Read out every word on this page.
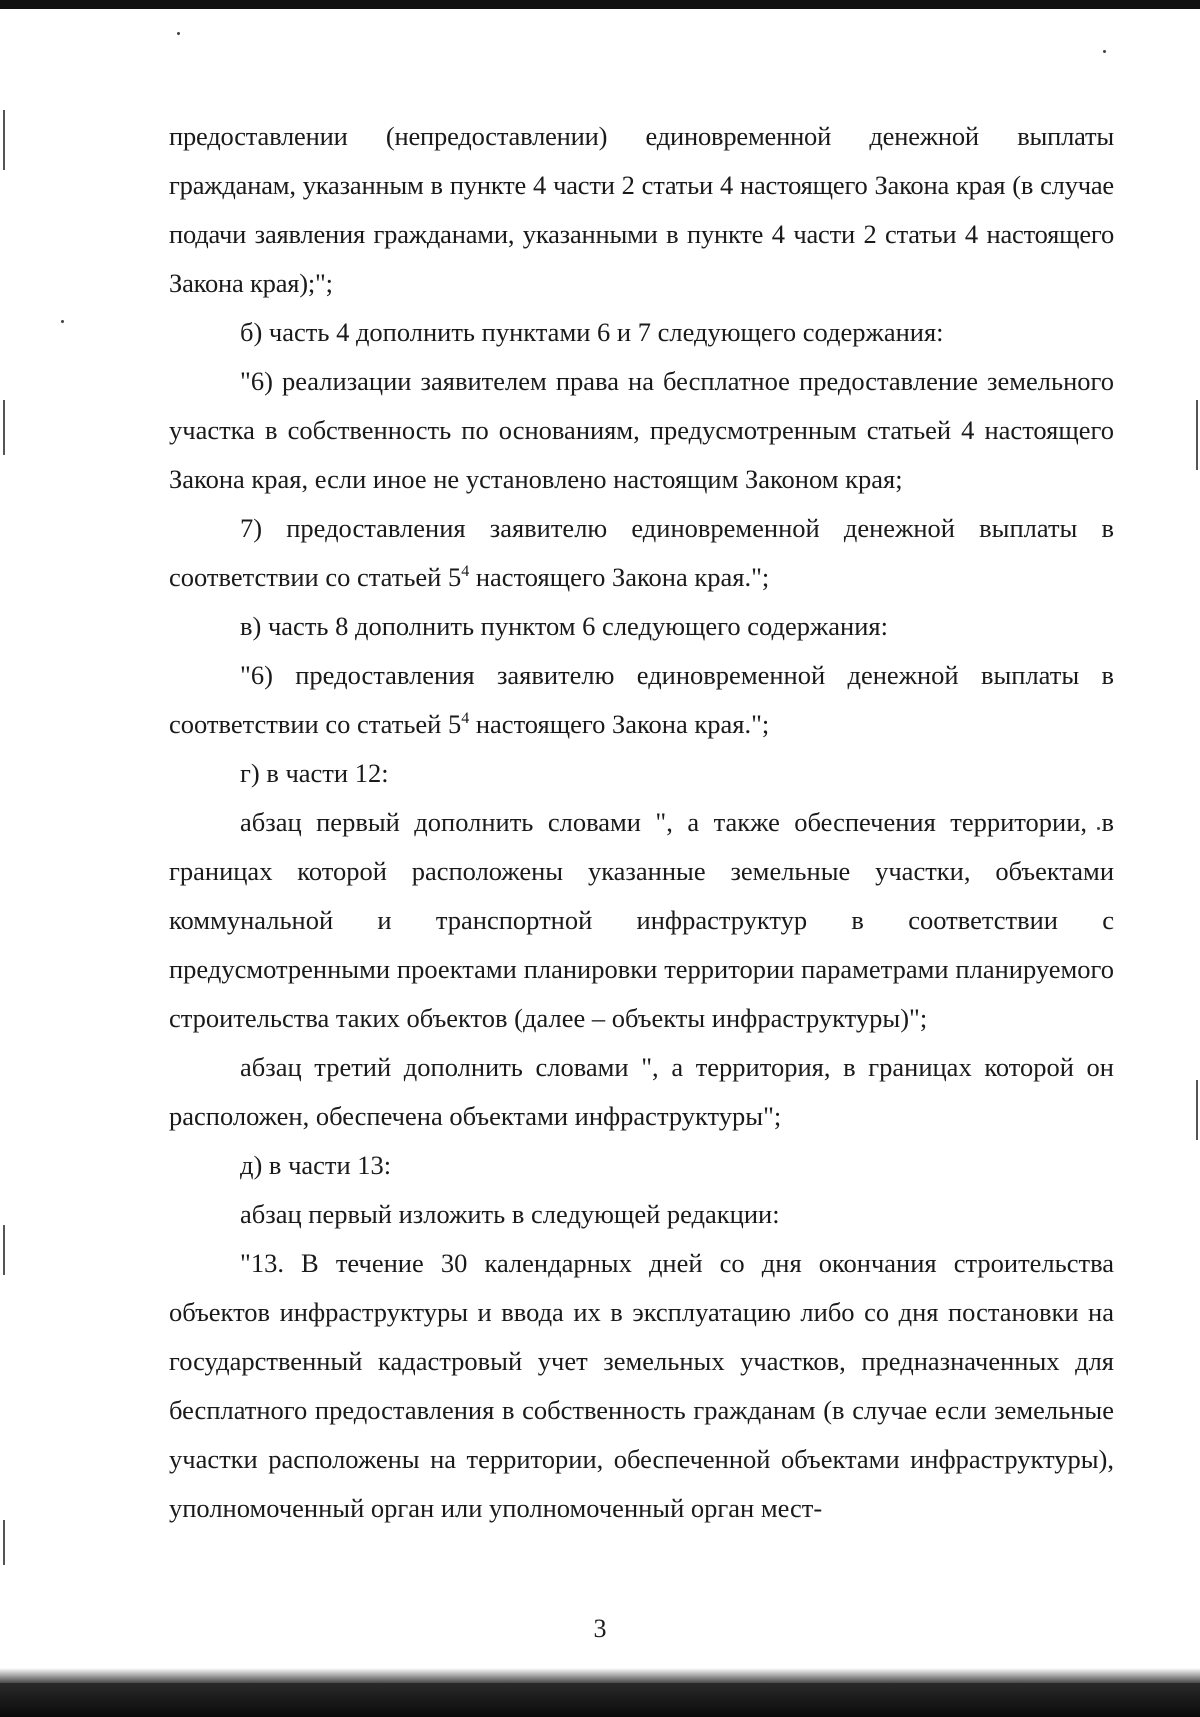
предоставлении (непредоставлении) единовременной денежной выплаты гражданам, указанным в пункте 4 части 2 статьи 4 настоящего Закона края (в случае подачи заявления гражданами, указанными в пункте 4 части 2 статьи 4 настоящего Закона края);";

б) часть 4 дополнить пунктами 6 и 7 следующего содержания:

"6) реализации заявителем права на бесплатное предоставление земельного участка в собственность по основаниям, предусмотренным статьей 4 настоящего Закона края, если иное не установлено настоящим Законом края;

7) предоставления заявителю единовременной денежной выплаты в соответствии со статьей $5^4$ настоящего Закона края.";

в) часть 8 дополнить пунктом 6 следующего содержания:

"6) предоставления заявителю единовременной денежной выплаты в соответствии со статьей $5^4$ настоящего Закона края.";

г) в части 12:

абзац первый дополнить словами ", а также обеспечения территории, в границах которой расположены указанные земельные участки, объектами коммунальной и транспортной инфраструктур в соответствии с предусмотренными проектами планировки территории параметрами планируемого строительства таких объектов (далее – объекты инфраструктуры)";

абзац третий дополнить словами ", а территория, в границах которой он расположен, обеспечена объектами инфраструктуры";

д) в части 13:

абзац первый изложить в следующей редакции:

"13. В течение 30 календарных дней со дня окончания строительства объектов инфраструктуры и ввода их в эксплуатацию либо со дня постановки на государственный кадастровый учет земельных участков, предназначенных для бесплатного предоставления в собственность гражданам (в случае если земельные участки расположены на территории, обеспеченной объектами инфраструктуры), уполномоченный орган или уполномоченный орган мест-

3
